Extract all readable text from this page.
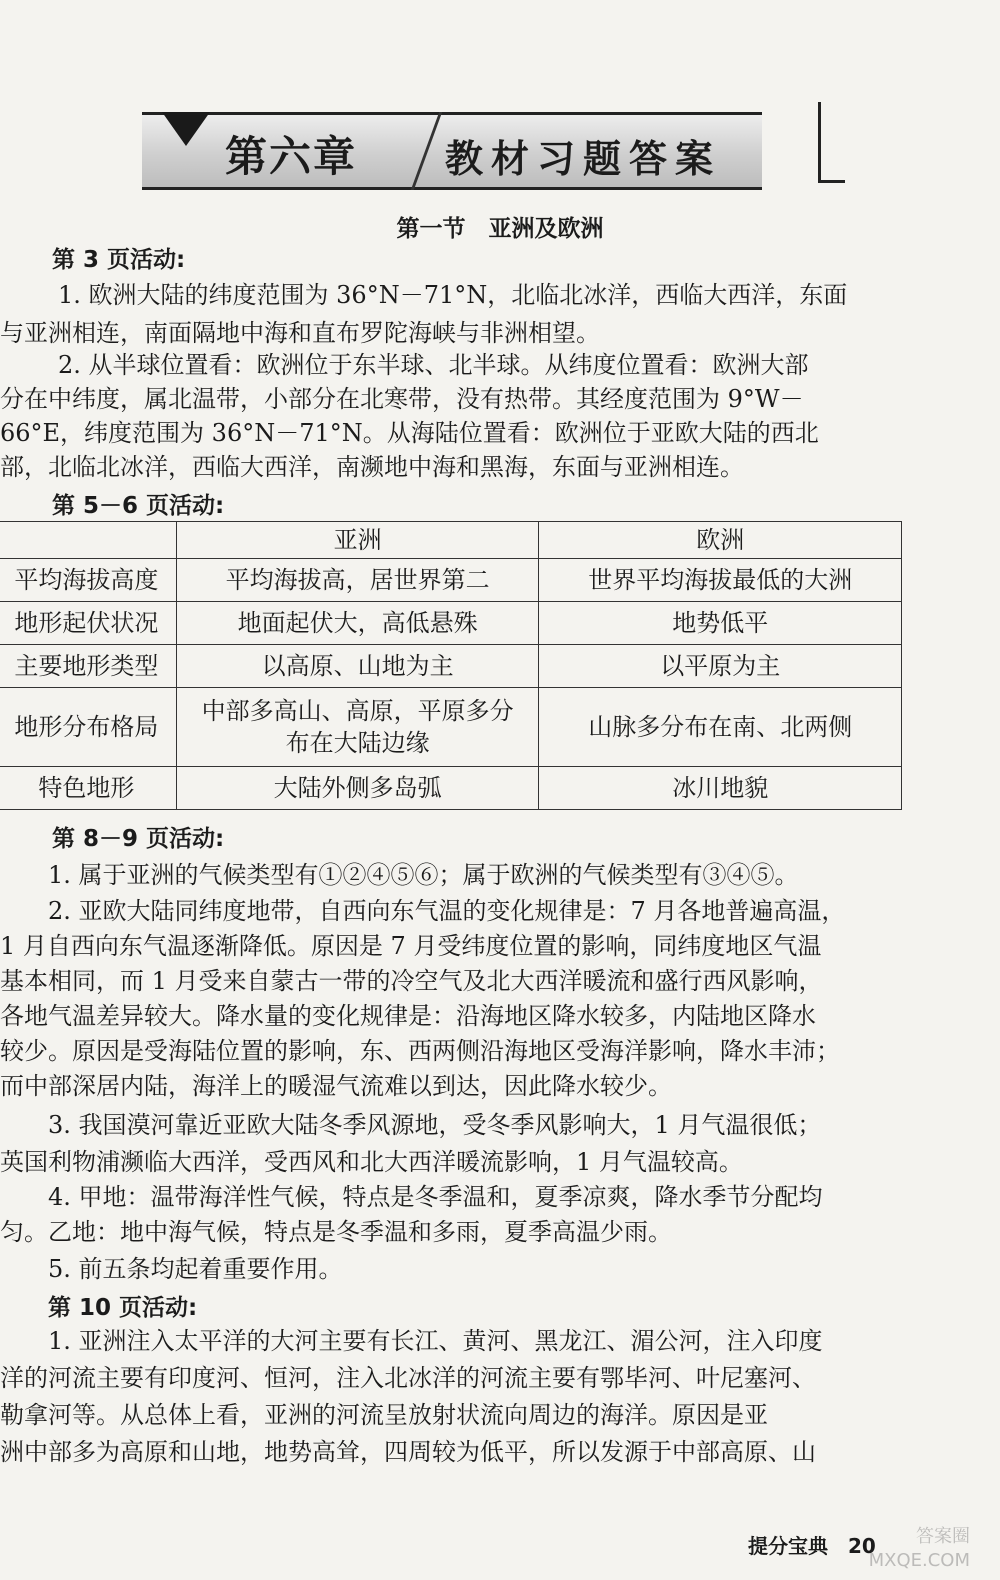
第六章 教材习题答案
第一节　亚洲及欧洲
第 3 页活动:
1. 欧洲大陆的纬度范围为 36°N－71°N，北临北冰洋，西临大西洋，东面
与亚洲相连，南面隔地中海和直布罗陀海峡与非洲相望。
2. 从半球位置看：欧洲位于东半球、北半球。从纬度位置看：欧洲大部
分在中纬度，属北温带，小部分在北寒带，没有热带。其经度范围为 9°W－
66°E，纬度范围为 36°N－71°N。从海陆位置看：欧洲位于亚欧大陆的西北
部，北临北冰洋，西临大西洋，南濒地中海和黑海，东面与亚洲相连。
第 5－6 页活动:
第 8－9 页活动:
1. 属于亚洲的气候类型有①②④⑤⑥；属于欧洲的气候类型有③④⑤。
2. 亚欧大陆同纬度地带，自西向东气温的变化规律是：7 月各地普遍高温，
1 月自西向东气温逐渐降低。原因是 7 月受纬度位置的影响，同纬度地区气温
基本相同，而 1 月受来自蒙古一带的冷空气及北大西洋暖流和盛行西风影响，
各地气温差异较大。降水量的变化规律是：沿海地区降水较多，内陆地区降水
较少。原因是受海陆位置的影响，东、西两侧沿海地区受海洋影响，降水丰沛；
而中部深居内陆，海洋上的暖湿气流难以到达，因此降水较少。
3. 我国漠河靠近亚欧大陆冬季风源地，受冬季风影响大，1 月气温很低；
英国利物浦濒临大西洋，受西风和北大西洋暖流影响，1 月气温较高。
4. 甲地：温带海洋性气候，特点是冬季温和，夏季凉爽，降水季节分配均
匀。乙地：地中海气候，特点是冬季温和多雨，夏季高温少雨。
5. 前五条均起着重要作用。
第 10 页活动:
1. 亚洲注入太平洋的大河主要有长江、黄河、黑龙江、湄公河，注入印度
洋的河流主要有印度河、恒河，注入北冰洋的河流主要有鄂毕河、叶尼塞河、
勒拿河等。从总体上看，亚洲的河流呈放射状流向周边的海洋。原因是亚
洲中部多为高原和山地，地势高耸，四周较为低平，所以发源于中部高原、山
	亚洲	欧洲
平均海拔高度	平均海拔高，居世界第二	世界平均海拔最低的大洲
地形起伏状况	地面起伏大，高低悬殊	地势低平
主要地形类型	以高原、山地为主	以平原为主
地形分布格局	中部多高山、高原，平原多分布在大陆边缘	山脉多分布在南、北两侧
特色地形	大陆外侧多岛弧	冰川地貌
提分宝典　20	答案圈 MXQE.COM
